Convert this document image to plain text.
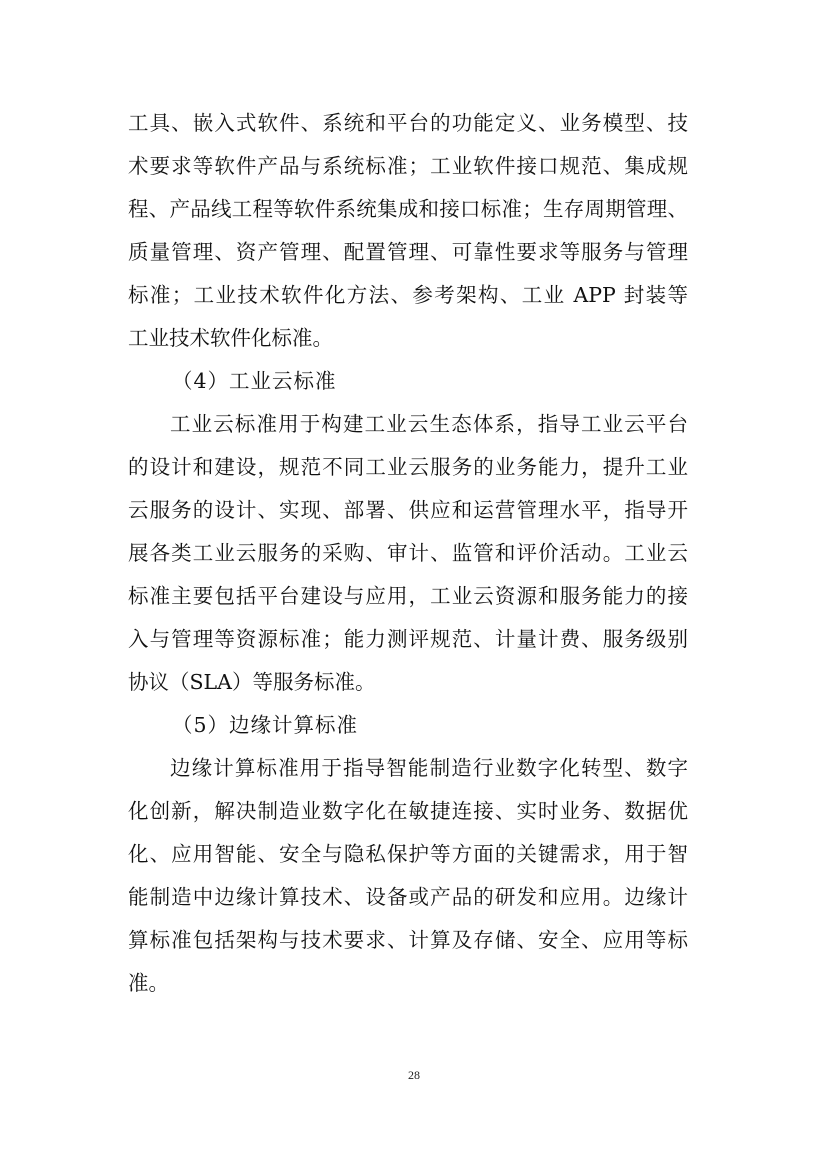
工具、嵌入式软件、系统和平台的功能定义、业务模型、技
术要求等软件产品与系统标准；工业软件接口规范、集成规
程、产品线工程等软件系统集成和接口标准；生存周期管理、
质量管理、资产管理、配置管理、可靠性要求等服务与管理
标准；工业技术软件化方法、参考架构、工业 APP 封装等
工业技术软件化标准。
（4）工业云标准
工业云标准用于构建工业云生态体系，指导工业云平台
的设计和建设，规范不同工业云服务的业务能力，提升工业
云服务的设计、实现、部署、供应和运营管理水平，指导开
展各类工业云服务的采购、审计、监管和评价活动。工业云
标准主要包括平台建设与应用，工业云资源和服务能力的接
入与管理等资源标准；能力测评规范、计量计费、服务级别
协议（SLA）等服务标准。
（5）边缘计算标准
边缘计算标准用于指导智能制造行业数字化转型、数字
化创新，解决制造业数字化在敏捷连接、实时业务、数据优
化、应用智能、安全与隐私保护等方面的关键需求，用于智
能制造中边缘计算技术、设备或产品的研发和应用。边缘计
算标准包括架构与技术要求、计算及存储、安全、应用等标
准。
28
